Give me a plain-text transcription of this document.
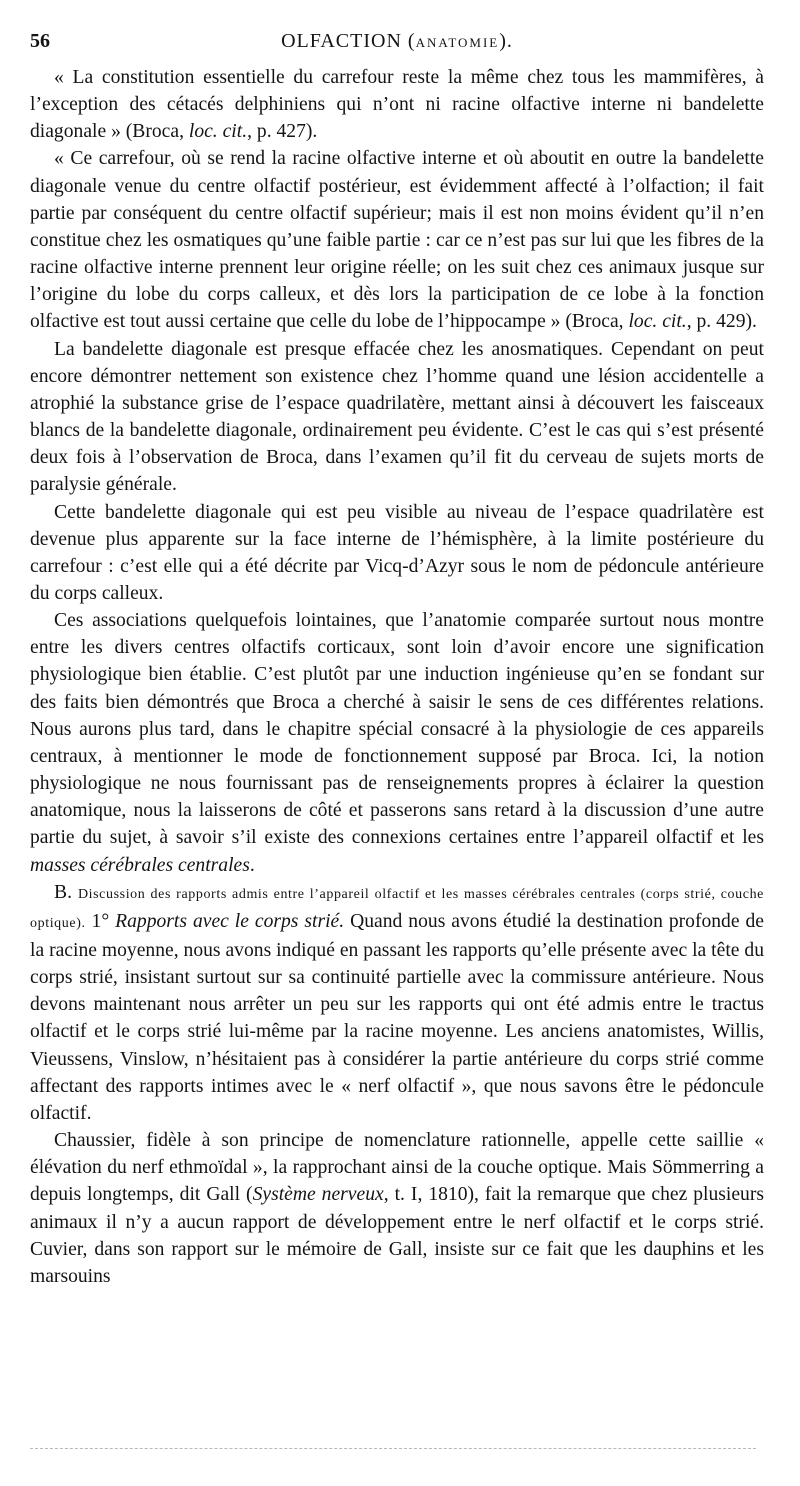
56	OLFACTION (ANATOMIE).

« La constitution essentielle du carrefour reste la même chez tous les mammifères, à l’exception des cétacés delphiniens qui n’ont ni racine olfactive interne ni bandelette diagonale » (Broca, loc. cit., p. 427).

« Ce carrefour, où se rend la racine olfactive interne et où aboutit en outre la bandelette diagonale venue du centre olfactif postérieur, est évidemment affecté à l’olfaction; il fait partie par conséquent du centre olfactif supérieur; mais il est non moins évident qu’il n’en constitue chez les osmatiques qu’une faible partie : car ce n’est pas sur lui que les fibres de la racine olfactive interne prennent leur origine réelle; on les suit chez ces animaux jusque sur l’origine du lobe du corps calleux, et dès lors la participation de ce lobe à la fonction olfactive est tout aussi certaine que celle du lobe de l’hippocampe » (Broca, loc. cit., p. 429).

La bandelette diagonale est presque effacée chez les anosmatiques. Cependant on peut encore démontrer nettement son existence chez l’homme quand une lésion accidentelle a atrophié la substance grise de l’espace quadrilatère, mettant ainsi à découvert les faisceaux blancs de la bandelette diagonale, ordinairement peu évidente. C’est le cas qui s’est présenté deux fois à l’observation de Broca, dans l’examen qu’il fit du cerveau de sujets morts de paralysie générale.

Cette bandelette diagonale qui est peu visible au niveau de l’espace quadrilatère est devenue plus apparente sur la face interne de l’hémisphère, à la limite postérieure du carrefour : c’est elle qui a été décrite par Vicq-d’Azyr sous le nom de pédoncule antérieure du corps calleux.

Ces associations quelquefois lointaines, que l’anatomie comparée surtout nous montre entre les divers centres olfactifs corticaux, sont loin d’avoir encore une signification physiologique bien établie. C’est plutôt par une induction ingénieuse qu’en se fondant sur des faits bien démontrés que Broca a cherché à saisir le sens de ces différentes relations. Nous aurons plus tard, dans le chapitre spécial consacré à la physiologie de ces appareils centraux, à mentionner le mode de fonctionnement supposé par Broca. Ici, la notion physiologique ne nous fournissant pas de renseignements propres à éclairer la question anatomique, nous la laisserons de côté et passerons sans retard à la discussion d’une autre partie du sujet, à savoir s’il existe des connexions certaines entre l’appareil olfactif et les masses cérébrales centrales.

B. Discussion des rapports admis entre l’appareil olfactif et les masses cérébrales centrales (corps strié, couche optique). 1° Rapports avec le corps strié. Quand nous avons étudié la destination profonde de la racine moyenne, nous avons indiqué en passant les rapports qu’elle présente avec la tête du corps strié, insistant surtout sur sa continuité partielle avec la commissure antérieure. Nous devons maintenant nous arrêter un peu sur les rapports qui ont été admis entre le tractus olfactif et le corps strié lui-même par la racine moyenne. Les anciens anatomistes, Willis, Vieussens, Vinslow, n’hésitaient pas à considérer la partie antérieure du corps strié comme affectant des rapports intimes avec le « nerf olfactif », que nous savons être le pédoncule olfactif.

Chaussier, fidèle à son principe de nomenclature rationnelle, appelle cette saillie « élévation du nerf ethmoïdal », la rapprochant ainsi de la couche optique. Mais Sömmerring a depuis longtemps, dit Gall (Système nerveux, t. I, 1810), fait la remarque que chez plusieurs animaux il n’y a aucun rapport de développement entre le nerf olfactif et le corps strié. Cuvier, dans son rapport sur le mémoire de Gall, insiste sur ce fait que les dauphins et les marsouins
